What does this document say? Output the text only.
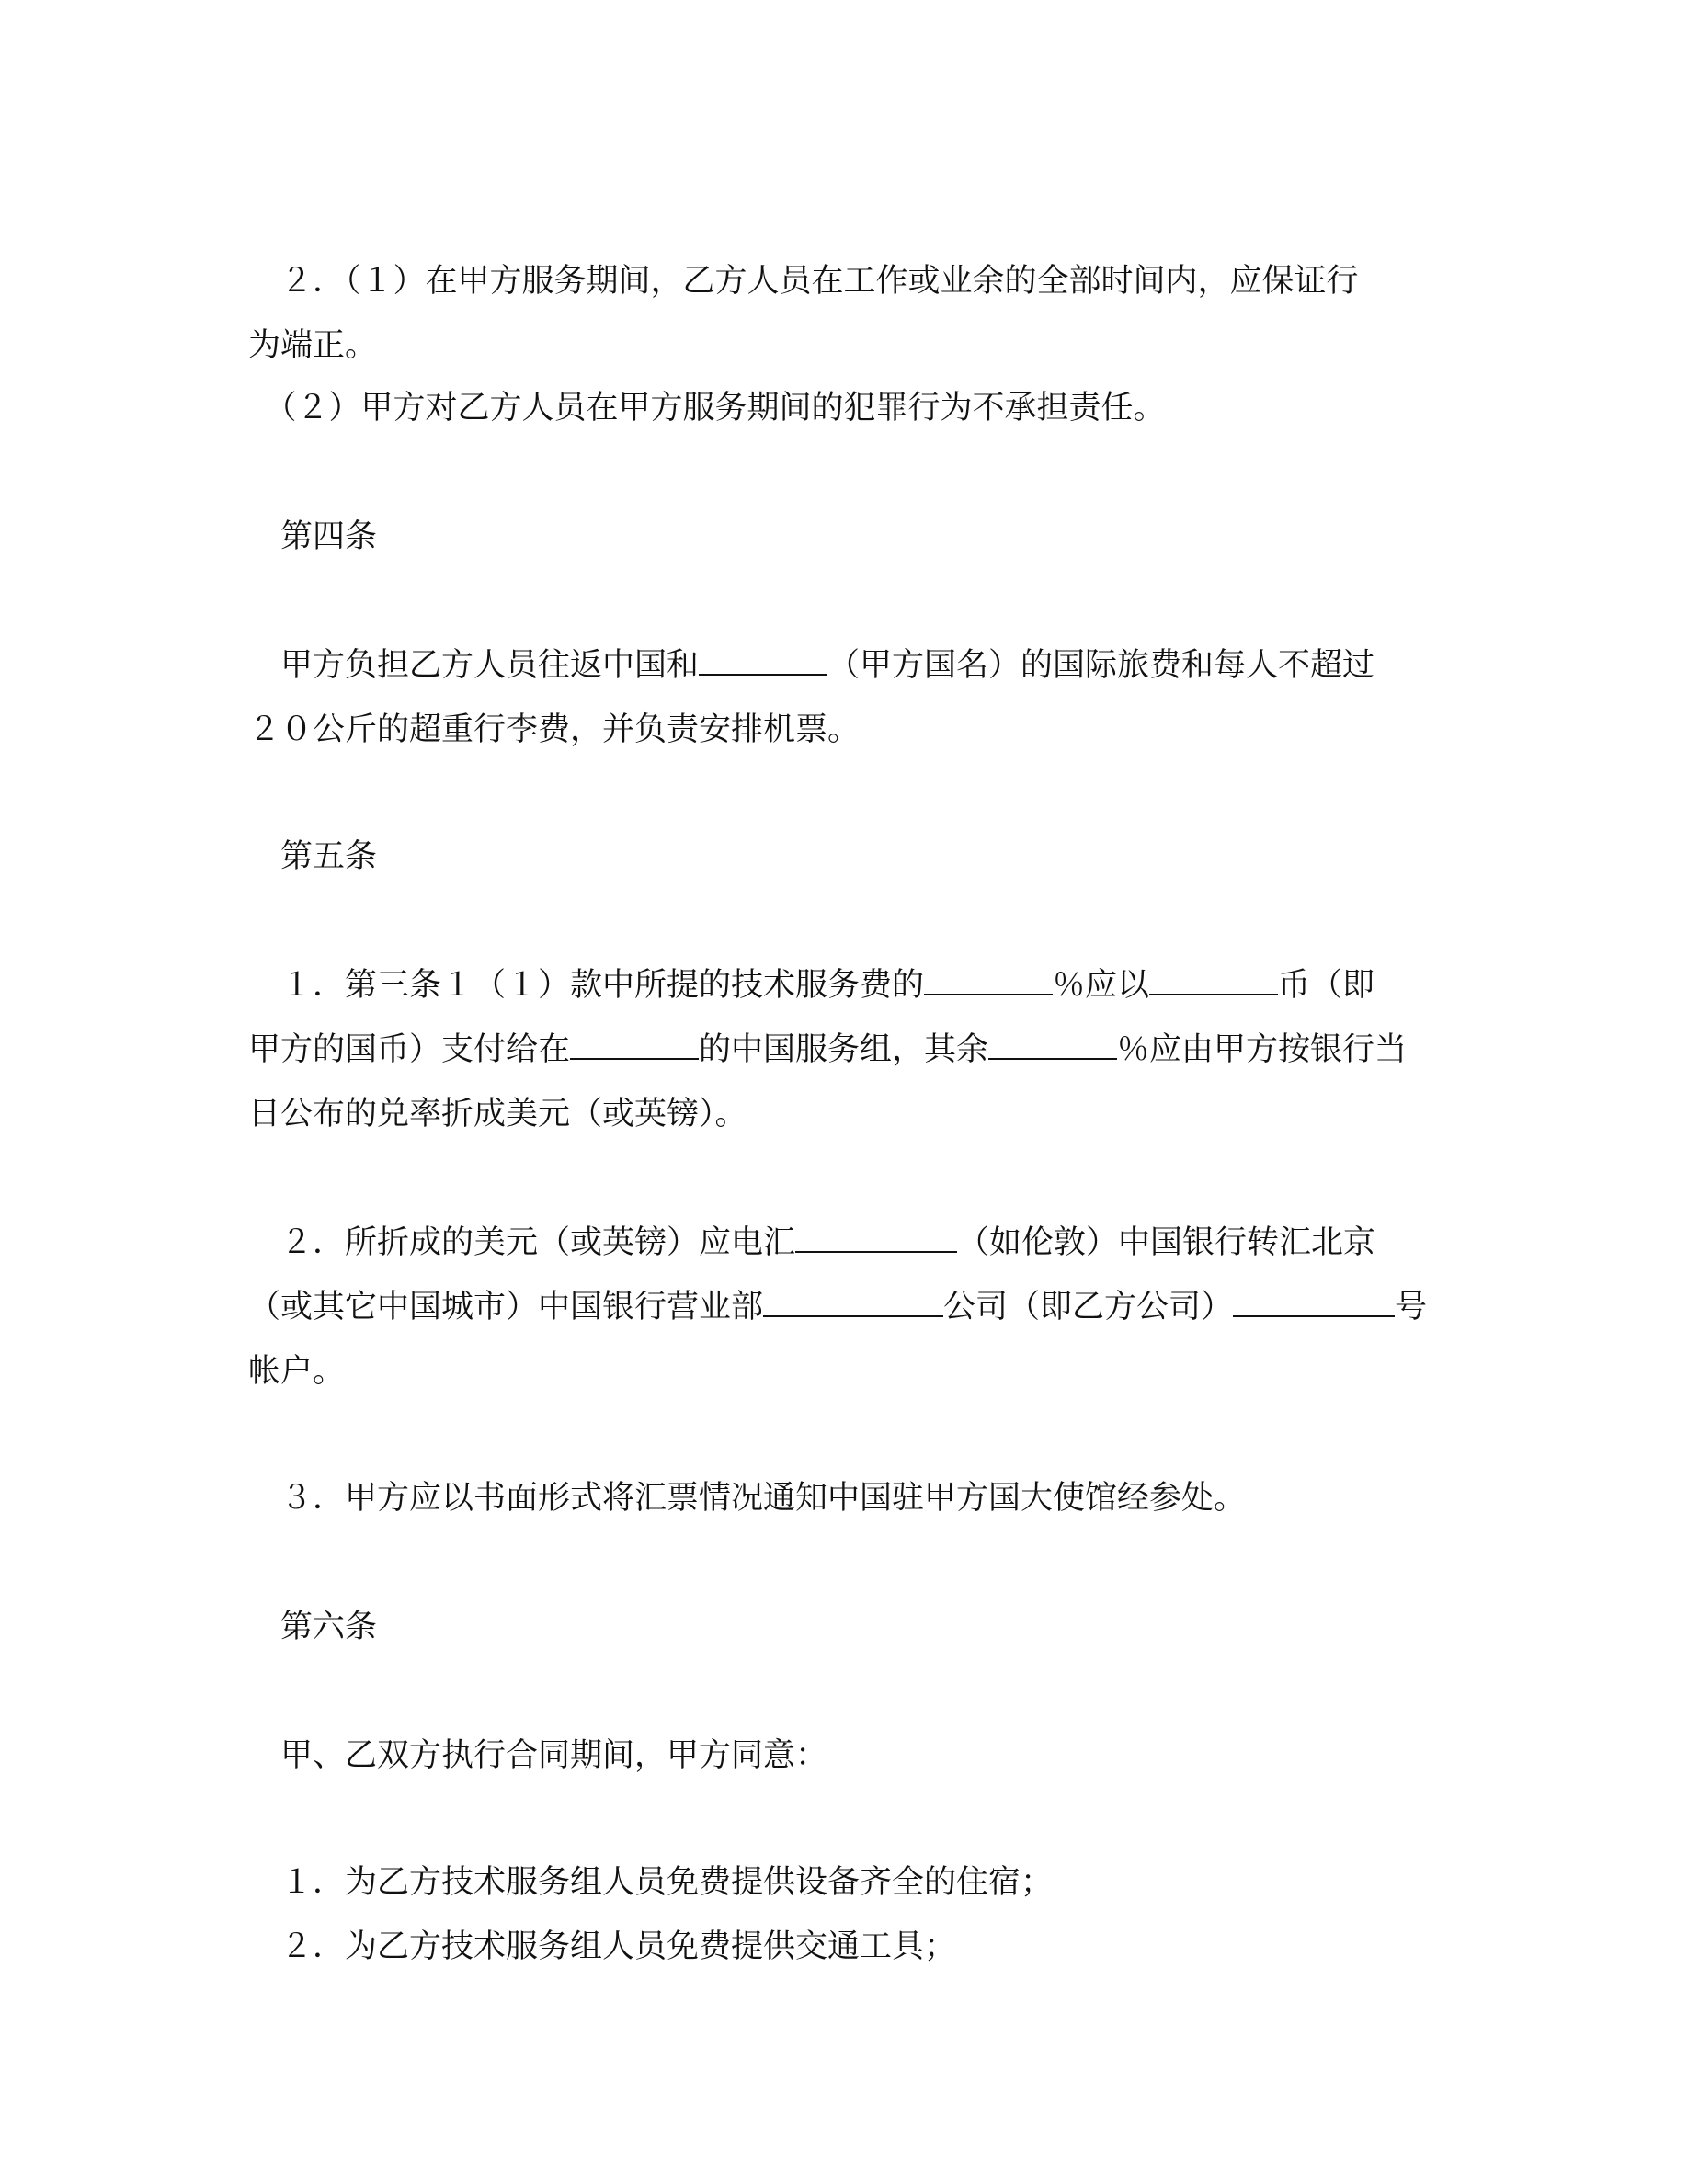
　２．（１）在甲方服务期间，乙方人员在工作或业余的全部时间内，应保证行
为端正。
　（２）甲方对乙方人员在甲方服务期间的犯罪行为不承担责任。
　第四条
　甲方负担乙方人员往返中国和	（甲方国名）的国际旅费和每人不超过
２０公斤的超重行李费，并负责安排机票。
　第五条
　１．第三条１（１）款中所提的技术服务费的	％应以	币（即
甲方的国币）支付给在	的中国服务组，其余	％应由甲方按银行当
日公布的兑率折成美元（或英镑）。
　２．所折成的美元（或英镑）应电汇	（如伦敦）中国银行转汇北京
（或其它中国城市）中国银行营业部	公司（即乙方公司）	号
帐户。
　３．甲方应以书面形式将汇票情况通知中国驻甲方国大使馆经参处。
　第六条
　甲、乙双方执行合同期间，甲方同意：
　１．为乙方技术服务组人员免费提供设备齐全的住宿；
　２．为乙方技术服务组人员免费提供交通工具；
